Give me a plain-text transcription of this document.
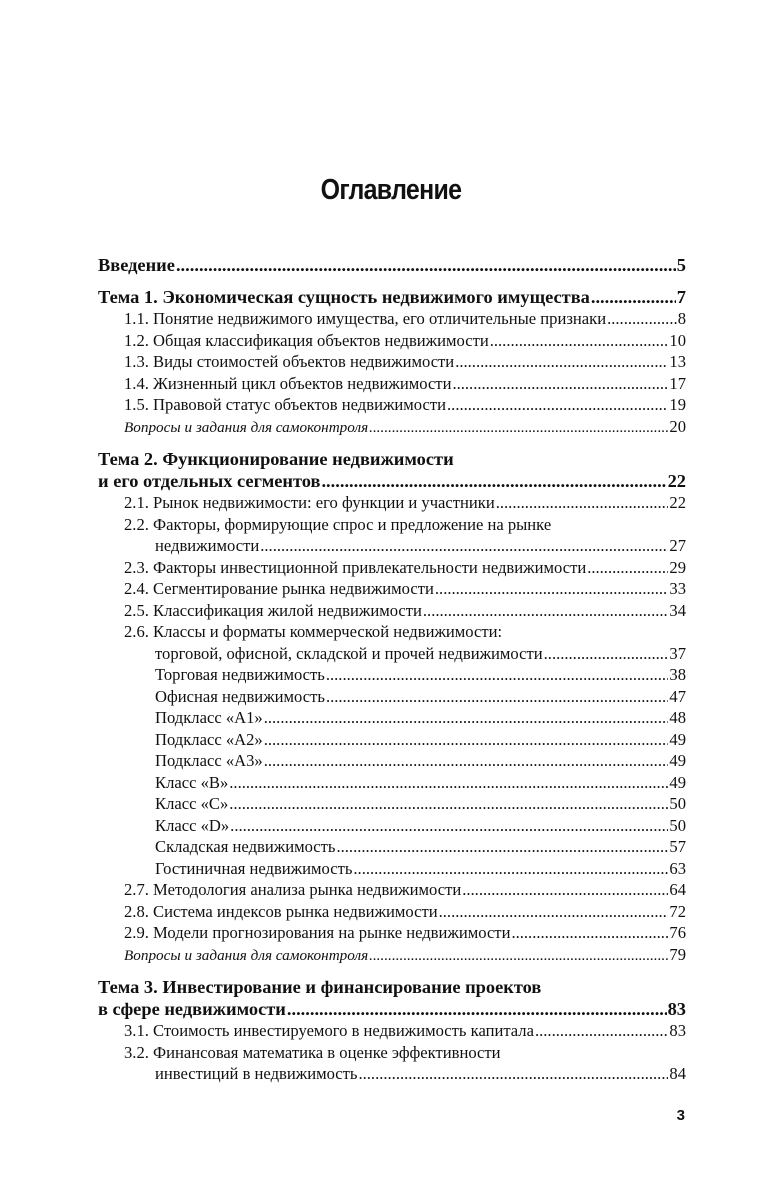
Оглавление
Введение .....	5
Тема 1. Экономическая сущность недвижимого имущества .....	7
1.1. Понятие недвижимого имущества, его отличительные признаки .....	8
1.2. Общая классификация объектов недвижимости .....	10
1.3. Виды стоимостей объектов недвижимости .....	13
1.4. Жизненный цикл объектов недвижимости .....	17
1.5. Правовой статус объектов недвижимости .....	19
Вопросы и задания для самоконтроля .....	20
Тема 2. Функционирование недвижимости
и его отдельных сегментов .....	22
2.1. Рынок недвижимости: его функции и участники .....	22
2.2. Факторы, формирующие спрос и предложение на рынке
недвижимости .....	27
2.3. Факторы инвестиционной привлекательности недвижимости .....	29
2.4. Сегментирование рынка недвижимости .....	33
2.5. Классификация жилой недвижимости .....	34
2.6. Классы и форматы коммерческой недвижимости:
торговой, офисной, складской и прочей недвижимости .....	37
Торговая недвижимость .....	38
Офисная недвижимость .....	47
Подкласс «А1» .....	48
Подкласс «А2» .....	49
Подкласс «А3» .....	49
Класс «B» .....	49
Класс «C» .....	50
Класс «D» .....	50
Складская недвижимость .....	57
Гостиничная недвижимость .....	63
2.7. Методология анализа рынка недвижимости .....	64
2.8. Система индексов рынка недвижимости .....	72
2.9. Модели прогнозирования на рынке недвижимости .....	76
Вопросы и задания для самоконтроля .....	79
Тема 3. Инвестирование и финансирование проектов
в сфере недвижимости .....	83
3.1. Стоимость инвестируемого в недвижимость капитала .....	83
3.2. Финансовая математика в оценке эффективности
инвестиций в недвижимость .....	84
3
